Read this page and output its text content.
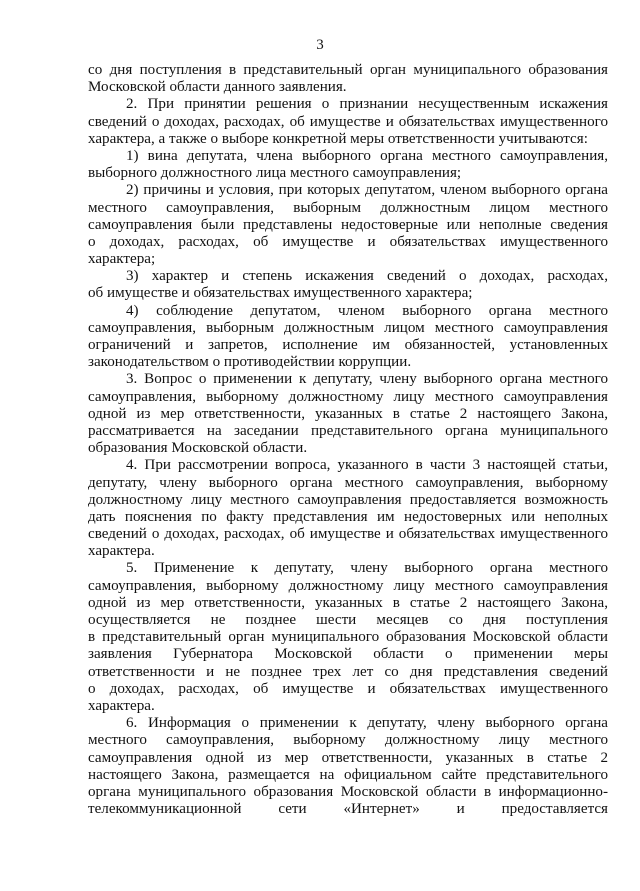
3
со дня поступления в представительный орган муниципального образования
Московской области данного заявления.
2. При принятии решения о признании несущественным искажения
сведений о доходах, расходах, об имуществе и обязательствах имущественного
характера, а также о выборе конкретной меры ответственности учитываются:
1) вина депутата, члена выборного органа местного самоуправления,
выборного должностного лица местного самоуправления;
2) причины и условия, при которых депутатом, членом выборного органа
местного самоуправления, выборным должностным лицом местного
самоуправления были представлены недостоверные или неполные сведения
о доходах, расходах, об имуществе и обязательствах имущественного
характера;
3) характер и степень искажения сведений о доходах, расходах,
об имуществе и обязательствах имущественного характера;
4) соблюдение депутатом, членом выборного органа местного
самоуправления, выборным должностным лицом местного самоуправления
ограничений и запретов, исполнение им обязанностей, установленных
законодательством о противодействии коррупции.
3. Вопрос о применении к депутату, члену выборного органа местного
самоуправления, выборному должностному лицу местного самоуправления
одной из мер ответственности, указанных в статье 2 настоящего Закона,
рассматривается на заседании представительного органа муниципального
образования Московской области.
4. При рассмотрении вопроса, указанного в части 3 настоящей статьи,
депутату, члену выборного органа местного самоуправления, выборному
должностному лицу местного самоуправления предоставляется возможность
дать пояснения по факту представления им недостоверных или неполных
сведений о доходах, расходах, об имуществе и обязательствах имущественного
характера.
5. Применение к депутату, члену выборного органа местного
самоуправления, выборному должностному лицу местного самоуправления
одной из мер ответственности, указанных в статье 2 настоящего Закона,
осуществляется не позднее шести месяцев со дня поступления
в представительный орган муниципального образования Московской области
заявления Губернатора Московской области о применении меры
ответственности и не позднее трех лет со дня представления сведений
о доходах, расходах, об имуществе и обязательствах имущественного
характера.
6. Информация о применении к депутату, члену выборного органа
местного самоуправления, выборному должностному лицу местного
самоуправления одной из мер ответственности, указанных в статье 2
настоящего Закона, размещается на официальном сайте представительного
органа муниципального образования Московской области в информационно-
телекоммуникационной сети «Интернет» и предоставляется
